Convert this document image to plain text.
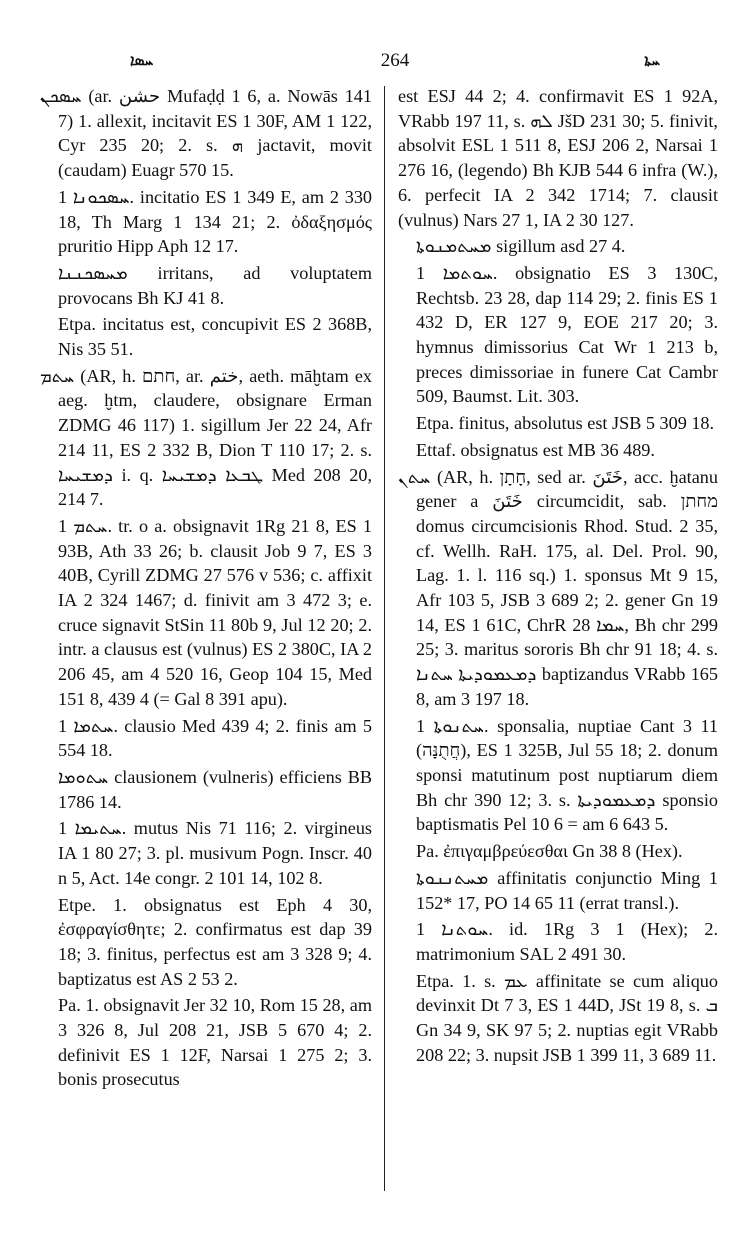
ܚܣܐ	264	ܚܬܐ

ܚܣܟܢ (ar. حشن Mufaḍḍ 1 6, a. Nowās 141 7) 1. allexit, incitavit ES 1 30F, AM 1 122, Cyr 235 20; 2. s. ܗ jactavit, movit (caudam) Euagr 570 15.

ܚܣܟܘܢܐ 1. incitatio ES 1 349 E, am 2 330 18, Th Marg 1 134 21; 2. ὀδαξησμός pruritio Hipp Aph 12 17.

ܡܚܣܟܢܢܐ irritans, ad voluptatem provocans Bh KJ 41 8.

Etpa. incitatus est, concupivit ES 2 368B, Nis 35 51.

ܚܬܡ (AR, h. חתם, ar. ختم, aeth. māḫtam ex aeg. ḫtm, claudere, obsignare Erman ZDMG 46 117) 1. sigillum Jer 22 24, Afr 214 11, ES 2 332 B, Dion T 110 17; 2. s. ܕܡܫܝܚܐ i. q. ܛܒܥܐ ܕܡܫܝܚܐ Med 208 20, 214 7.

ܚܬܡ 1. tr. o a. obsignavit 1Rg 21 8, ES 1 93B, Ath 33 26; b. clausit Job 9 7, ES 3 40B, Cyrill ZDMG 27 576 v 536; c. affixit IA 2 324 1467; d. finivit am 3 472 3; e. cruce signavit StSin 11 80b 9, Jul 12 20; 2. intr. a clausus est (vulnus) ES 2 380C, IA 2 206 45, am 4 520 16, Geop 104 15, Med 151 8, 439 4 (= Gal 8 391 apu).

ܚܬܡܐ 1. clausio Med 439 4; 2. finis am 5 554 18.

ܚܬܘܡܐ clausionem (vulneris) efficiens BB 1786 14.

ܚܬܝܡܐ 1. mutus Nis 71 116; 2. virgineus IA 1 80 27; 3. pl. musivum Pogn. Inscr. 40 n 5, Act. 14e congr. 2 101 14, 102 8.

Etpe. 1. obsignatus est Eph 4 30, ἐσφραγίσθητε; 2. confirmatus est dap 39 18; 3. finitus, perfectus est am 3 328 9; 4. baptizatus est AS 2 53 2.

Pa. 1. obsignavit Jer 32 10, Rom 15 28, am 3 326 8, Jul 208 21, JSB 5 670 4; 2. definivit ES 1 12F, Narsai 1 275 2; 3. bonis prosecutus

est ESJ 44 2; 4. confirmavit ES 1 92A, VRabb 197 11, s. ܠܗ JšD 231 30; 5. finivit, absolvit ESL 1 511 8, ESJ 206 2, Narsai 1 276 16, (legendo) Bh KJB 544 6 infra (W.), 6. perfecit IA 2 342 1714; 7. clausit (vulnus) Nars 27 1, IA 2 30 127.

ܡܚܬܡܢܘܬܐ sigillum asd 27 4.

ܚܘܬܡܐ 1. obsignatio ES 3 130C, Rechtsb. 23 28, dap 114 29; 2. finis ES 1 432 D, ER 127 9, EOE 217 20; 3. hymnus dimissorius Cat Wr 1 213 b, preces dimissoriae in funere Cat Cambr 509, Baumst. Lit. 303.

Etpa. finitus, absolutus est JSB 5 309 18.

Ettaf. obsignatus est MB 36 489.

ܚܬܢ (AR, h. חָתָן, sed ar. خَتَنَ, acc. ḫatanu gener a خَتَنَ circumcidit, sab. מחתן domus circumcisionis Rhod. Stud. 2 35, cf. Wellh. RaH. 175, al. Del. Prol. 90, Lag. 1. l. 116 sq.) 1. sponsus Mt 9 15, Afr 103 5, JSB 3 689 2; 2. gener Gn 19 14, ES 1 61C, ChrR ܚܡܐ 28, Bh chr 299 25; 3. maritus sororis Bh chr 91 18; 4. s. ܕܡܥܡܘܕܝܬܐ ܚܬܢܐ baptizandus VRabb 165 8, am 3 197 18.

ܚܬܢܘܬܐ 1. sponsalia, nuptiae Cant 3 11 (חֲתֻנָּה), ES 1 325B, Jul 55 18; 2. donum sponsi matutinum post nuptiarum diem Bh chr 390 12; 3. s. ܕܡܥܡܘܕܝܬܐ sponsio baptismatis Pel 10 6 = am 6 643 5.

Pa. ἐπιγαμβρεύεσθαι Gn 38 8 (Hex).

ܡܚܬܢܢܘܬܐ affinitatis conjunctio Ming 1 152* 17, PO 14 65 11 (errat transl.).

ܚܘܬܢܐ 1. id. 1Rg 3 1 (Hex); 2. matrimonium SAL 2 491 30.

Etpa. 1. s. ܥܡ affinitate se cum aliquo devinxit Dt 7 3, ES 1 44D, JSt 19 8, s. ܒ Gn 34 9, SK 97 5; 2. nuptias egit VRabb 208 22; 3. nupsit JSB 1 399 11, 3 689 11.
